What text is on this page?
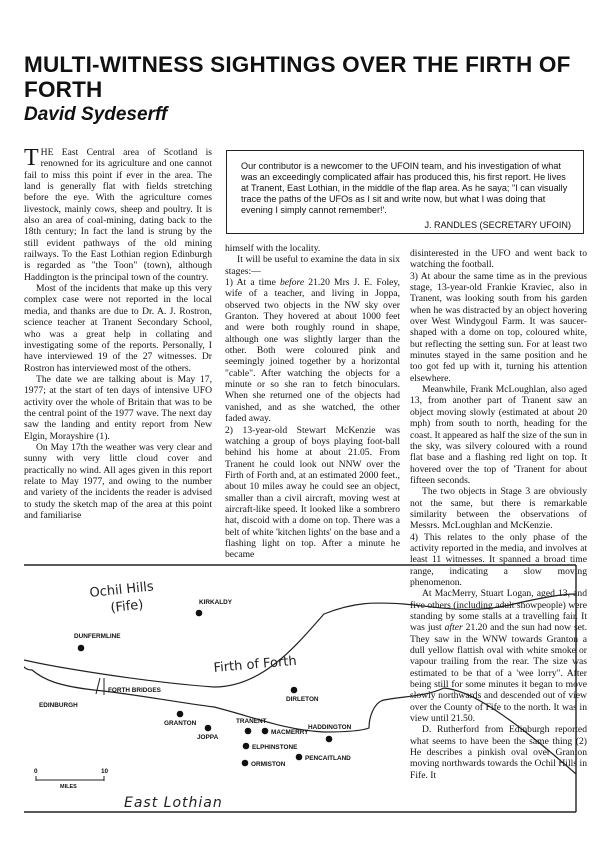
MULTI-WITNESS SIGHTINGS OVER THE FIRTH OF FORTH
David Sydeserff

THE East Central area of Scotland is renowned for its agriculture and one cannot fail to miss this point if ever in the area. The land is generally flat with fields stretching before the eye. With the agriculture comes livestock, mainly cows, sheep and poultry. It is also an area of coal-mining, dating back to the 18th century; In fact the land is strung by the still evident pathways of the old mining railways. To the East Lothian region Edinburgh is regarded as "the Toon" (town), although Haddington is the principal town of the country.

Most of the incidents that make up this very complex case were not reported in the local media, and thanks are due to Dr. A. J. Rostron, science teacher at Tranent Secondary School, who was a great help in collating and investigating some of the reports. Personally, I have interviewed 19 of the 27 witnesses. Dr Rostron has interviewed most of the others.

The date we are talking about is May 17, 1977; at the start of ten days of intensive UFO activity over the whole of Britain that was to be the central point of the 1977 wave. The next day saw the landing and entity report from New Elgin, Morayshire (1).

On May 17th the weather was very clear and sunny with very little cloud cover and practically no wind. All ages given in this report relate to May 1977, and owing to the number and variety of the incidents the reader is advised to study the sketch map of the area at this point and familiarise

Our contributor is a newcomer to the UFOIN team, and his investigation of what was an exceedingly complicated affair has produced this, his first report. He lives at Tranent, East Lothian, in the middle of the flap area. As he saya; "I can visually trace the paths of the UFOs as I sit and write now, but what I was doing that evening I simply cannot remember!'.

J. RANDLES (SECRETARY UFOIN)

himself with the locality.

It will be useful to examine the data in six stages:—

1) At a time before 21.20 Mrs J. E. Foley, wife of a teacher, and living in Joppa, observed two objects in the NW sky over Granton. They hovered at about 1000 feet and were both roughly round in shape, although one was slightly larger than the other. Both were coloured pink and seemingly joined together by a horizontal "cable". After watching the objects for a minute or so she ran to fetch binoculars. When she returned one of the objects had vanished, and as she watched, the other faded away.

2) 13-year-old Stewart McKenzie was watching a group of boys playing foot-ball behind his home at about 21.05. From Tranent he could look out NNW over the Firth of Forth and, at an estimated 2000 feet., about 10 miles away he could see an object, smaller than a civil aircraft, moving west at aircraft-like speed. It looked like a sombrero hat, discoid with a dome on top. There was a belt of white 'kitchen lights' on the base and a flashing light on top. After a minute he became

disinterested in the UFO and went back to watching the football.

3) At abour the same time as in the previous stage, 13-year-old Frankie Kraviec, also in Tranent, was looking south from his garden when he was distracted by an object hovering over West Windygoul Farm. It was saucer-shaped with a dome on top, coloured white, but reflecting the setting sun. For at least two minutes stayed in the same position and he too got fed up with it, turning his attention elsewhere.

Meanwhile, Frank McLoughlan, also aged 13, from another part of Tranent saw an object moving slowly (estimated at about 20 mph) from south to north, heading for the coast. It appeared as half the size of the sun in the sky, was silvery coloured with a round flat base and a flashing red light on top. It hovered over the top of 'Tranent for about fifteen seconds.

The two objects in Stage 3 are obviously not the same, but there is remarkable similarity between the observations of Messrs. McLoughlan and McKenzie.

4) This relates to the only phase of the activity reported in the media, and involves at least 11 witnesses. It spanned a broad time range, indicating a slow moving phenomenon.

At MacMerry, Stuart Logan, aged 13, and five others (including adult showpeople) were standing by some stalls at a travelling fair. It was just after 21.20 and the sun had now set. They saw in the WNW towards Granton a dull yellow flattish oval with white smoke or vapour trailing from the rear. The size was estimated to be that of a 'wee lorry". After being still for some minutes it began to move slowly northwards and descended out of view over the County of Fife to the north. It was in view until 21.50.

D. Rutherford from Edinburgh reported what seems to have been the same thing (2) He describes a pinkish oval over Granton moving northwards towards the Ochil Hills in Fife. It

FORTH BRIDGES
Ochil Hills
(Fife)
Firth of Forth
East Lothian
KIRKALDY
DUNFERMLINE
EDINBURGH
DIRLETON
GRANTON
JOPPA
TRANENT
MACMERRY
ELPHINSTONE
HADDINGTON
PENCAITLAND
ORMISTON
0	10
MILES
